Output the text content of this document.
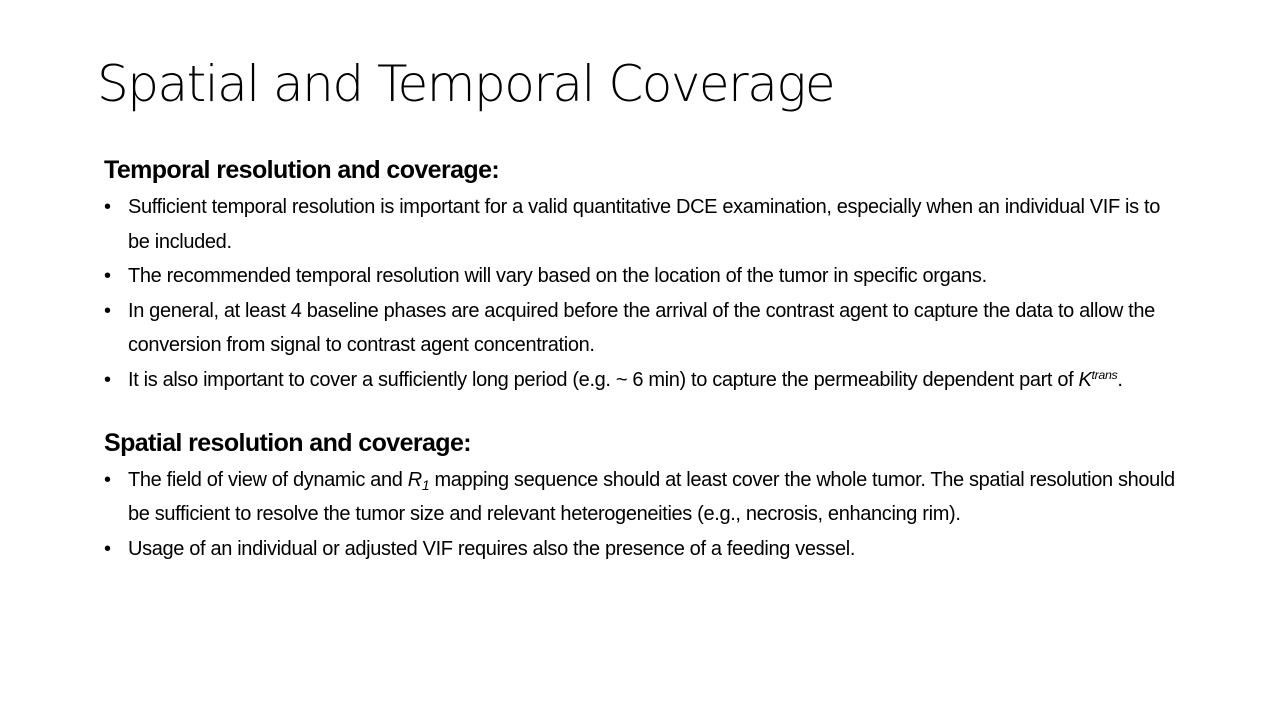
Spatial and Temporal Coverage
Temporal resolution and coverage:
• Sufficient temporal resolution is important for a valid quantitative DCE examination, especially when an individual VIF is to be included.
• The recommended temporal resolution will vary based on the location of the tumor in specific organs.
• In general, at least 4 baseline phases are acquired before the arrival of the contrast agent to capture the data to allow the conversion from signal to contrast agent concentration.
• It is also important to cover a sufficiently long period (e.g. ~ 6 min) to capture the permeability dependent part of $K^{trans}$.
Spatial resolution and coverage:
• The field of view of dynamic and $R_1$ mapping sequence should at least cover the whole tumor. The spatial resolution should be sufficient to resolve the tumor size and relevant heterogeneities (e.g., necrosis, enhancing rim).
• Usage of an individual or adjusted VIF requires also the presence of a feeding vessel.
